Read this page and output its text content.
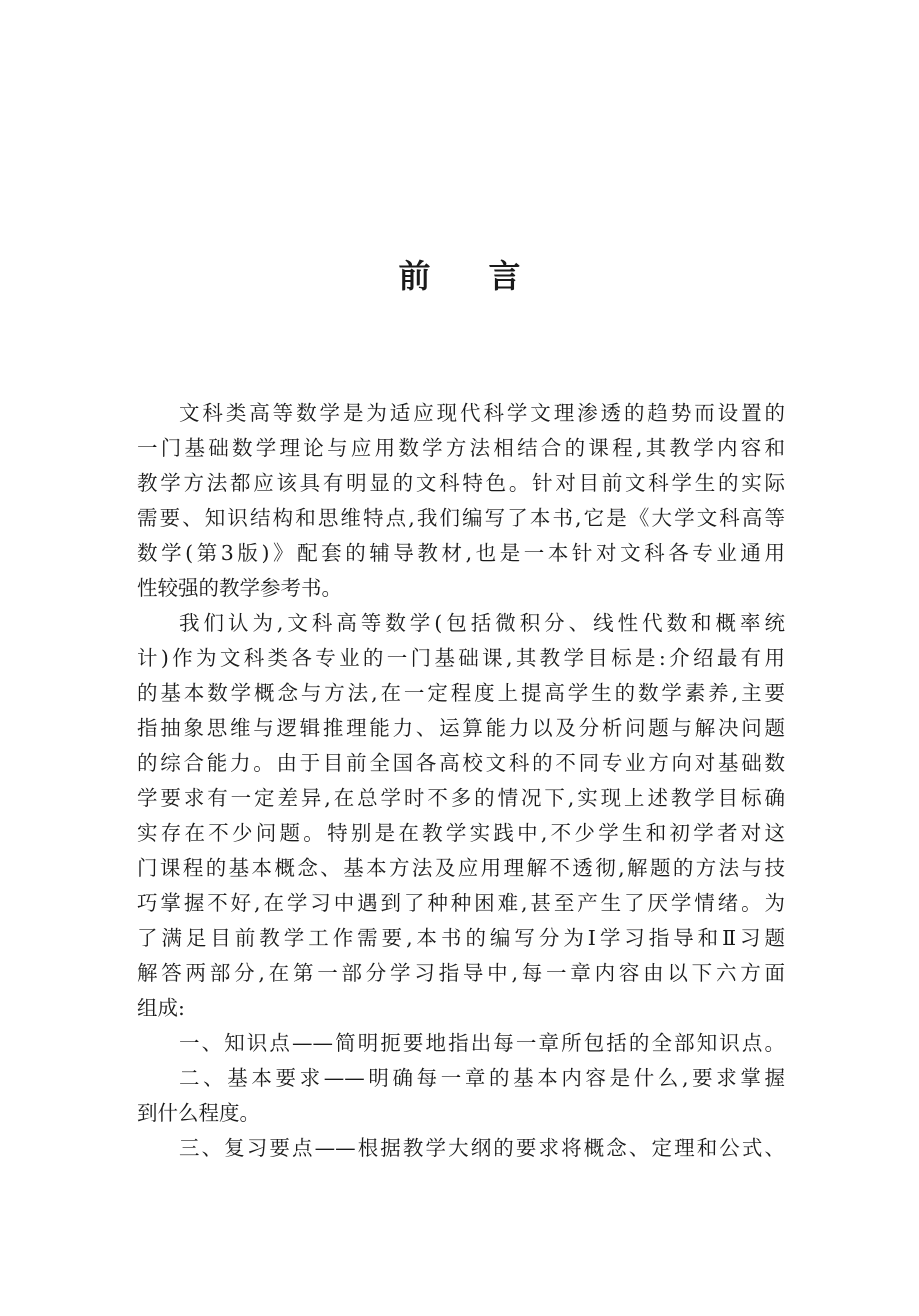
前言
文科类高等数学是为适应现代科学文理渗透的趋势而设置的
一门基础数学理论与应用数学方法相结合的课程,其教学内容和
教学方法都应该具有明显的文科特色。针对目前文科学生的实际
需要、知识结构和思维特点,我们编写了本书,它是《大学文科高等
数学(第3版)》配套的辅导教材,也是一本针对文科各专业通用
性较强的教学参考书。
我们认为,文科高等数学(包括微积分、线性代数和概率统
计)作为文科类各专业的一门基础课,其教学目标是:介绍最有用
的基本数学概念与方法,在一定程度上提高学生的数学素养,主要
指抽象思维与逻辑推理能力、运算能力以及分析问题与解决问题
的综合能力。由于目前全国各高校文科的不同专业方向对基础数
学要求有一定差异,在总学时不多的情况下,实现上述教学目标确
实存在不少问题。特别是在教学实践中,不少学生和初学者对这
门课程的基本概念、基本方法及应用理解不透彻,解题的方法与技
巧掌握不好,在学习中遇到了种种困难,甚至产生了厌学情绪。为
了满足目前教学工作需要,本书的编写分为Ⅰ学习指导和Ⅱ习题
解答两部分,在第一部分学习指导中,每一章内容由以下六方面
组成:
一、知识点——简明扼要地指出每一章所包括的全部知识点。
二、基本要求——明确每一章的基本内容是什么,要求掌握
到什么程度。
三、复习要点——根据教学大纲的要求将概念、定理和公式、
